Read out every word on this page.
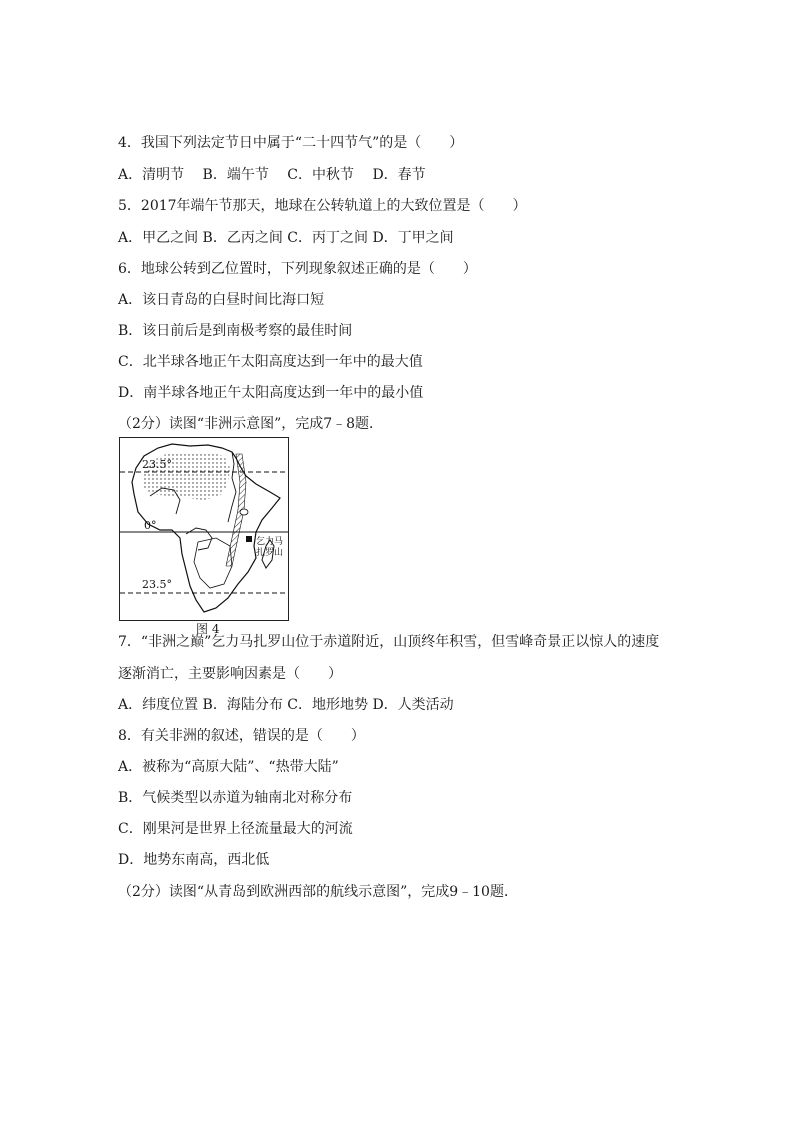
4．我国下列法定节日中属于“二十四节气”的是（　　）
A．清明节　 B．端午节　 C．中秋节　 D．春节
5．2017年端午节那天，地球在公转轨道上的大致位置是（　　）
A．甲乙之间 B．乙丙之间 C．丙丁之间 D．丁甲之间
6．地球公转到乙位置时，下列现象叙述正确的是（　　）
A．该日青岛的白昼时间比海口短
B．该日前后是到南极考察的最佳时间
C．北半球各地正午太阳高度达到一年中的最大值
D．南半球各地正午太阳高度达到一年中的最小值
（2分）读图“非洲示意图”，完成7﹣8题．
23.5°
0°
23.5°
乞力马
扎罗山
图 4
7．“非洲之巅”乞力马扎罗山位于赤道附近，山顶终年积雪，但雪峰奇景正以惊人的速度
逐渐消亡，主要影响因素是（　　）
A．纬度位置 B．海陆分布 C．地形地势 D．人类活动
8．有关非洲的叙述，错误的是（　　）
A．被称为“高原大陆”、“热带大陆”
B．气候类型以赤道为轴南北对称分布
C．刚果河是世界上径流量最大的河流
D．地势东南高，西北低
（2分）读图“从青岛到欧洲西部的航线示意图”，完成9﹣10题．
